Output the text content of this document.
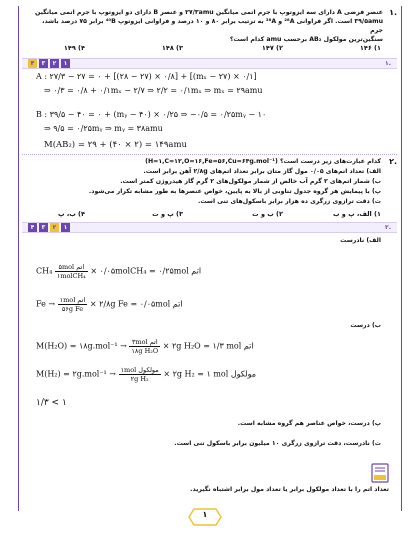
۱.
عنصر فرضی A دارای سه ایزوتوپ با جرم اتمی میانگین ۲۷/۳amu و عنصر B دارای دو ایزوتوپ با جرم اتمی میانگین
۳۹/۵amu است. اگر فراوانی ²⁸A و ³⁸A به ترتیب برابر ۸۰ و ۱۰ درصد و فراوانی ایزوتوپ ⁴⁰B برابر ۷۵ درصد باشد، جرم
سنگین‌ترین مولکول AB₂ برحسب amu کدام است؟
۱) ۱۴۶
۲) ۱۴۷
۳) ۱۴۸
۴) ۱۴۹
۱.
۱
۲
۳
۴
A : ۲۷/۳ − ۲۷ = ۰ + [(۲۸ − ۲۷) × ۰/۸] + [(mₓ − ۲۷) × ۰/۱]
⇒ ۰/۳ = ۰/۸ + ۰/۱mₓ − ۲/۷ ⇒ ۲/۲ = ۰/۱mₓ ⇒ mₓ = ۲۹amu
B : ۳۹/۵ − ۴۰ = ۰ + (mᵧ − ۴۰) × ۰/۲۵ ⇒ −۰/۵ = ۰/۲۵mᵧ − ۱۰
⇒ ۹/۵ = ۰/۲۵mᵧ ⇒ mᵧ = ۳۸amu
M(AB₂) = ۲۹ + (۴۰ × ۲) = ۱۴۹amu
۲.
کدام عبارت‌های زیر درست است؟ (H=۱,C=۱۲,O=۱۶,Fe=۵۶,Cu=۶۴g.mol⁻¹)
الف) تعداد اتم‌های ۰/۰۵ مول گاز متان برابر تعداد اتم‌های ۲/۸g آهن برابر است.
ب) شمار اتم‌های ۲ گرم آب خالص از شمار مولکول‌های ۲ گرم گاز هیدروژن کمتر است.
پ) با پیمایش هر گروه جدول تناوبی از بالا به پایین، خواص عنصرها به طور مشابه تکرار می‌شود.
ت) دقت ترازوی زرگری ده هزار برابر باسکول‌های تنی است.
۱) الف، پ و ب
۲) ب و ت
۳) پ و ت
۴) ب، پ
۲.
۱
۲
۳
۴
الف) نادرست
$CH_4 \frac{\text{۵mol اتم}}{\text{۱molCH₄}}$ × ۰/۰۵molCH₄ = ۰/۲۵mol اتم
$Fe \to \frac{\text{۱mol اتم}}{\text{۵۶g Fe}}$ × ۲/۸g Fe = ۰/۰۵mol اتم
ب) درست
M(H₂O) = ۱۸g.mol⁻¹ → $\frac{\text{۳mol اتم}}{\text{۱۸g H₂O}}$ × ۲g H₂O = ۱/۳ mol اتم
M(H₂) = ۲g.mol⁻¹ → $\frac{\text{۱mol مولکول}}{\text{۲g H₂}}$ × ۲g H₂ = ۱ mol مولکول
۱/۳ < ۱
پ) درست، خواص عناصر هم گروه مشابه است.
ت) نادرست، دقت ترازوی زرگری ۱۰ میلیون برابر باسکول تنی است.
تعداد اتم را با تعداد مولکول برابر یا تعداد مول برابر اشتباه نگیرید.
۱
